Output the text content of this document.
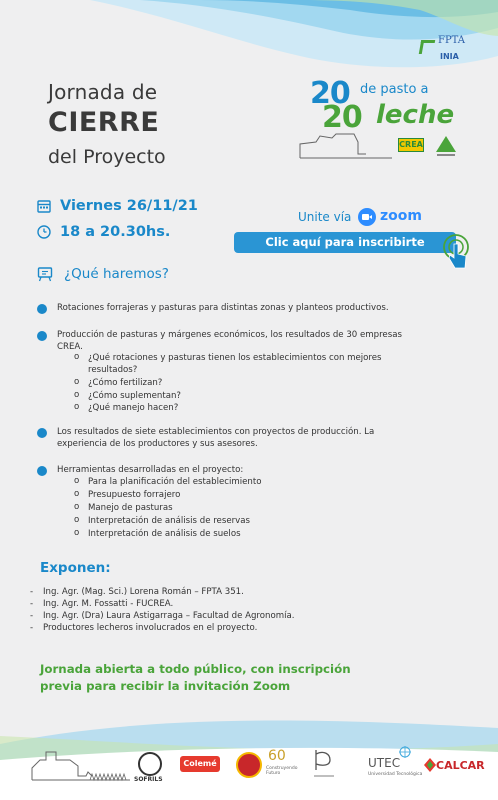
FPTA
INIA
Jornada de
CIERRE
del Proyecto
20 de pasto a
20 leche
CREA
Viernes 26/11/21
18 a 20.30hs.
Unite vía zoom
Clic aquí para inscribirte
¿Qué haremos?
Rotaciones forrajeras y pasturas para distintas zonas y planteos productivos.
Producción de pasturas y márgenes económicos, los resultados de 30 empresas
CREA.
o ¿Qué rotaciones y pasturas tienen los establecimientos con mejores
resultados?
o ¿Cómo fertilizan?
o ¿Cómo suplementan?
o ¿Qué manejo hacen?
Los resultados de siete establecimientos con proyectos de producción. La
experiencia de los productores y sus asesores.
Herramientas desarrolladas en el proyecto:
o Para la planificación del establecimiento
o Presupuesto forrajero
o Manejo de pasturas
o Interpretación de análisis de reservas
o Interpretación de análisis de suelos
Exponen:
- Ing. Agr. (Mag. Sci.) Lorena Román – FPTA 351.
- Ing. Agr. M. Fossatti - FUCREA.
- Ing. Agr. (Dra) Laura Astigarraga – Facultad de Agronomía.
- Productores lecheros involucrados en el proyecto.
Jornada abierta a todo público, con inscripción
previa para recibir la invitación Zoom
SOFRILS
Colemé	60
Construyendo Futuro
UTEC
Universidad Tecnológica
CALCAR
